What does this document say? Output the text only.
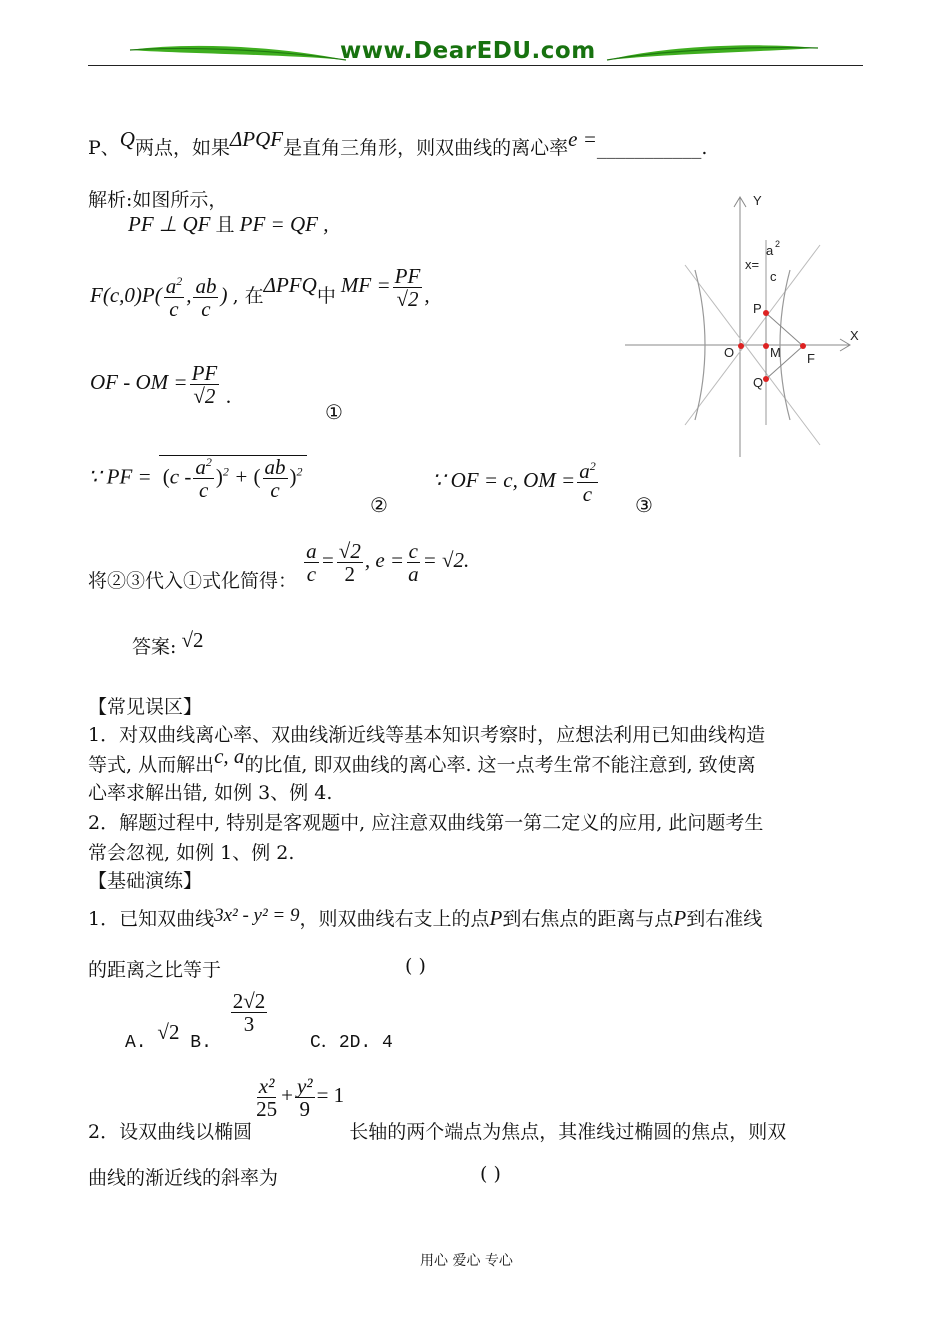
www.DearEDU.com
P、Q两点，如果ΔPQF是直角三角形，则双曲线的离心率e =___________.
解析:如图所示，
PF ⊥ QF 且 PF = QF ,
$F(c,0)P( \frac{a^2}{c}$ , $\frac{ab}{c}$ ) , 在ΔPFQ中 MF = $\frac{PF}{√2}$ ,
OF - OM = $\frac{PF}{√2}$ .
①
∵ PF = $(c - \frac{a^2}{c} )^2$ + ( $\frac{ab}{c} )^2$
②
∵ OF = c, OM = $\frac{a^2}{c}$ ③
将②③代入①式化简得： $\frac{a}{c} = \frac{√2}{2}$ , $e = \frac{c}{a} = √2$.
答案: √2
Y
X
O	M F
P
Q
x=
a 2
c
【常见误区】
1．对双曲线离心率、双曲线渐近线等基本知识考察时，应想法利用已知曲线构造
等式, 从而解出c, a的比值, 即双曲线的离心率. 这一点考生常不能注意到, 致使离
心率求解出错, 如例 3、例 4.
2．解题过程中, 特别是客观题中, 应注意双曲线第一第二定义的应用, 此问题考生
常会忽视, 如例 1、例 2.
【基础演练】
1．已知双曲线3x² - y² = 9，则双曲线右支上的点P到右焦点的距离与点P到右准线
的距离之比等于	( )
A. √2 B.
$\frac{2√2}{3}$
C．2D. 4
2．设双曲线以椭圆
$\frac{\text{x²}}{25} + \frac{\text{y²}}{9} = 1$ 长轴的两个端点为焦点，其准线过椭圆的焦点，则双
曲线的渐近线的斜率为	( )
用心 爱心 专心
